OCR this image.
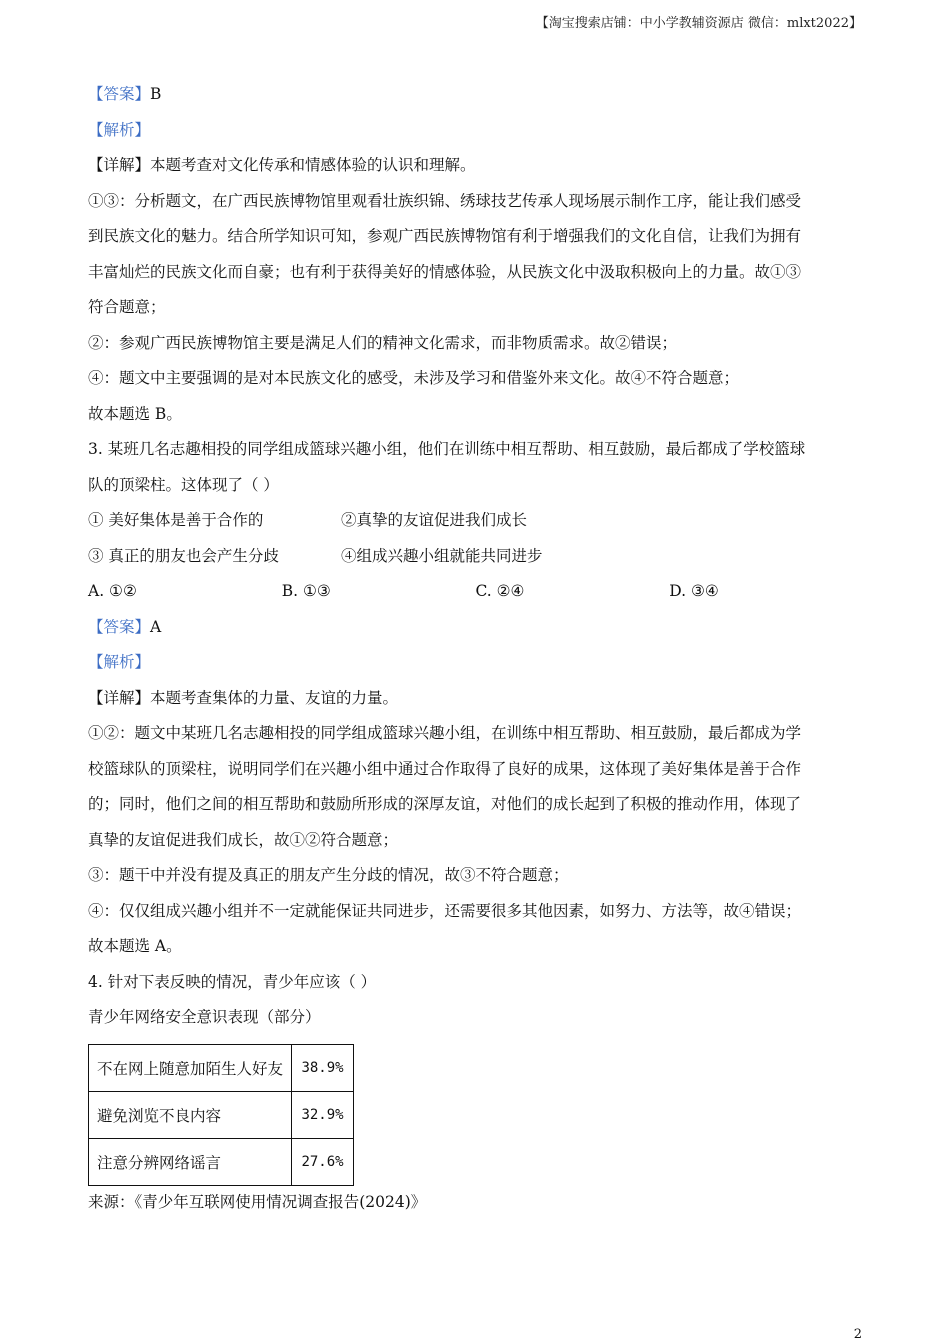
【淘宝搜索店铺：中小学教辅资源店 微信：mlxt2022】
【答案】B
【解析】
【详解】本题考查对文化传承和情感体验的认识和理解。
①③：分析题文，在广西民族博物馆里观看壮族织锦、绣球技艺传承人现场展示制作工序，能让我们感受
到民族文化的魅力。结合所学知识可知，参观广西民族博物馆有利于增强我们的文化自信，让我们为拥有
丰富灿烂的民族文化而自豪；也有利于获得美好的情感体验，从民族文化中汲取积极向上的力量。故①③
符合题意；
②：参观广西民族博物馆主要是满足人们的精神文化需求，而非物质需求。故②错误；
④：题文中主要强调的是对本民族文化的感受，未涉及学习和借鉴外来文化。故④不符合题意；
故本题选 B。
3. 某班几名志趣相投的同学组成篮球兴趣小组，他们在训练中相互帮助、相互鼓励，最后都成了学校篮球
队的顶梁柱。这体现了（ ）
① 美好集体是善于合作的	②真挚的友谊促进我们成长
③ 真正的朋友也会产生分歧	④组成兴趣小组就能共同进步
A. ①②	B. ①③	C. ②④	D. ③④
【答案】A
【解析】
【详解】本题考查集体的力量、友谊的力量。
①②：题文中某班几名志趣相投的同学组成篮球兴趣小组，在训练中相互帮助、相互鼓励，最后都成为学
校篮球队的顶梁柱，说明同学们在兴趣小组中通过合作取得了良好的成果，这体现了美好集体是善于合作
的；同时，他们之间的相互帮助和鼓励所形成的深厚友谊，对他们的成长起到了积极的推动作用，体现了
真挚的友谊促进我们成长，故①②符合题意；
③：题干中并没有提及真正的朋友产生分歧的情况，故③不符合题意；
④：仅仅组成兴趣小组并不一定就能保证共同进步，还需要很多其他因素，如努力、方法等，故④错误；
故本题选 A。
4. 针对下表反映的情况，青少年应该（ ）
青少年网络安全意识表现（部分）
不在网上随意加陌生人好友	38.9%
避免浏览不良内容	32.9%
注意分辨网络谣言	27.6%
来源：《青少年互联网使用情况调查报告(2024)》
2
